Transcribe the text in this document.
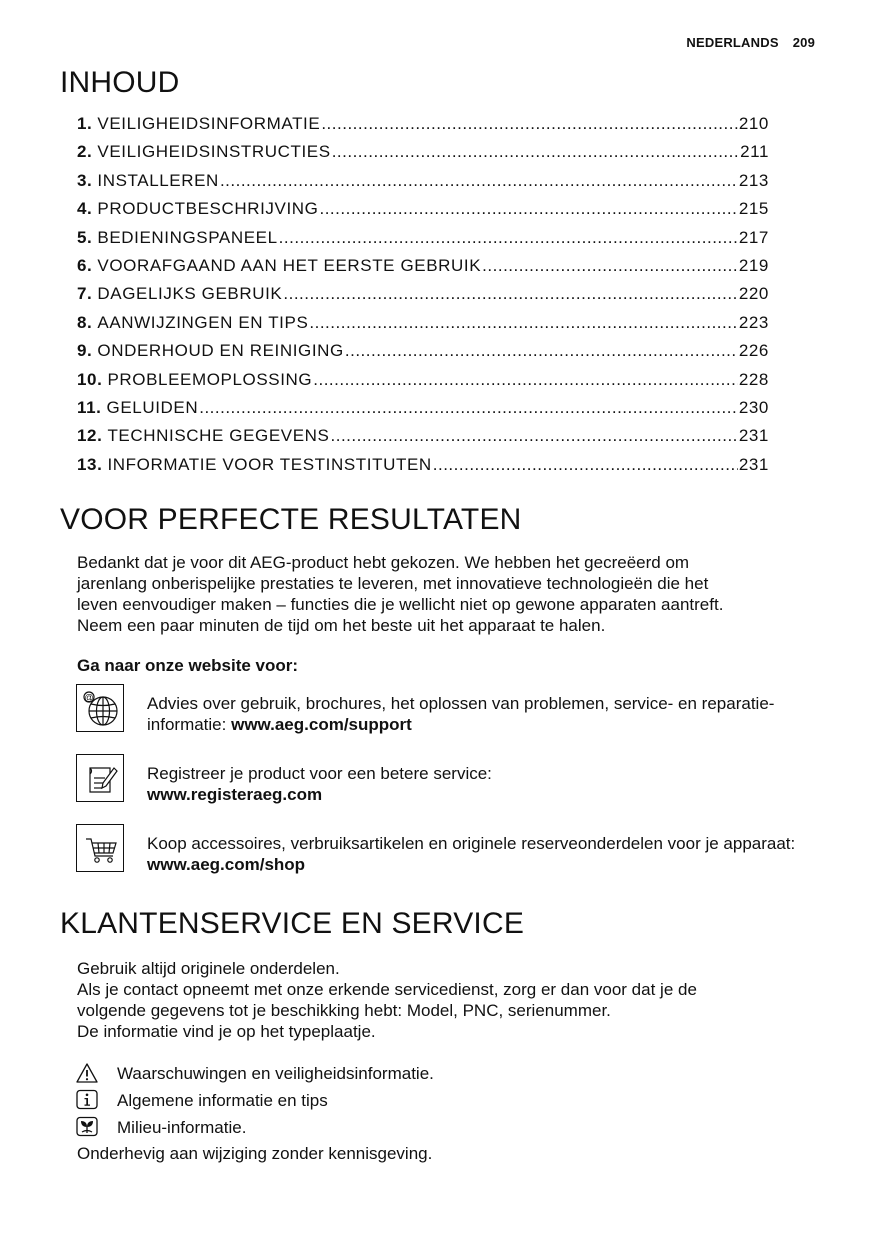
NEDERLANDS 209
INHOUD
1. VEILIGHEIDSINFORMATIE .....	210
2. VEILIGHEIDSINSTRUCTIES .....	211
3. INSTALLEREN .....	213
4. PRODUCTBESCHRIJVING .....	215
5. BEDIENINGSPANEEL .....	217
6. VOORAFGAAND AAN HET EERSTE GEBRUIK .....	219
7. DAGELIJKS GEBRUIK .....	220
8. AANWIJZINGEN EN TIPS .....	223
9. ONDERHOUD EN REINIGING .....	226
10. PROBLEEMOPLOSSING .....	228
11. GELUIDEN .....	230
12. TECHNISCHE GEGEVENS .....	231
13. INFORMATIE VOOR TESTINSTITUTEN .....	231
VOOR PERFECTE RESULTATEN

Bedankt dat je voor dit AEG-product hebt gekozen. We hebben het gecreëerd om
jarenlang onberispelijke prestaties te leveren, met innovatieve technologieën die het
leven eenvoudiger maken – functies die je wellicht niet op gewone apparaten aantreft.
Neem een paar minuten de tijd om het beste uit het apparaat te halen.

Ga naar onze website voor:
@	Advies over gebruik, brochures, het oplossen van problemen, service- en reparatie-informatie: www.aeg.com/support
Registreer je product voor een betere service:
www.registeraeg.com
Koop accessoires, verbruiksartikelen en originele reserveonderdelen voor je apparaat: www.aeg.com/shop
KLANTENSERVICE EN SERVICE

Gebruik altijd originele onderdelen.
Als je contact opneemt met onze erkende servicedienst, zorg er dan voor dat je de
volgende gegevens tot je beschikking hebt: Model, PNC, serienummer.
De informatie vind je op het typeplaatje.

Waarschuwingen en veiligheidsinformatie.
Algemene informatie en tips
Milieu-informatie.
Onderhevig aan wijziging zonder kennisgeving.
